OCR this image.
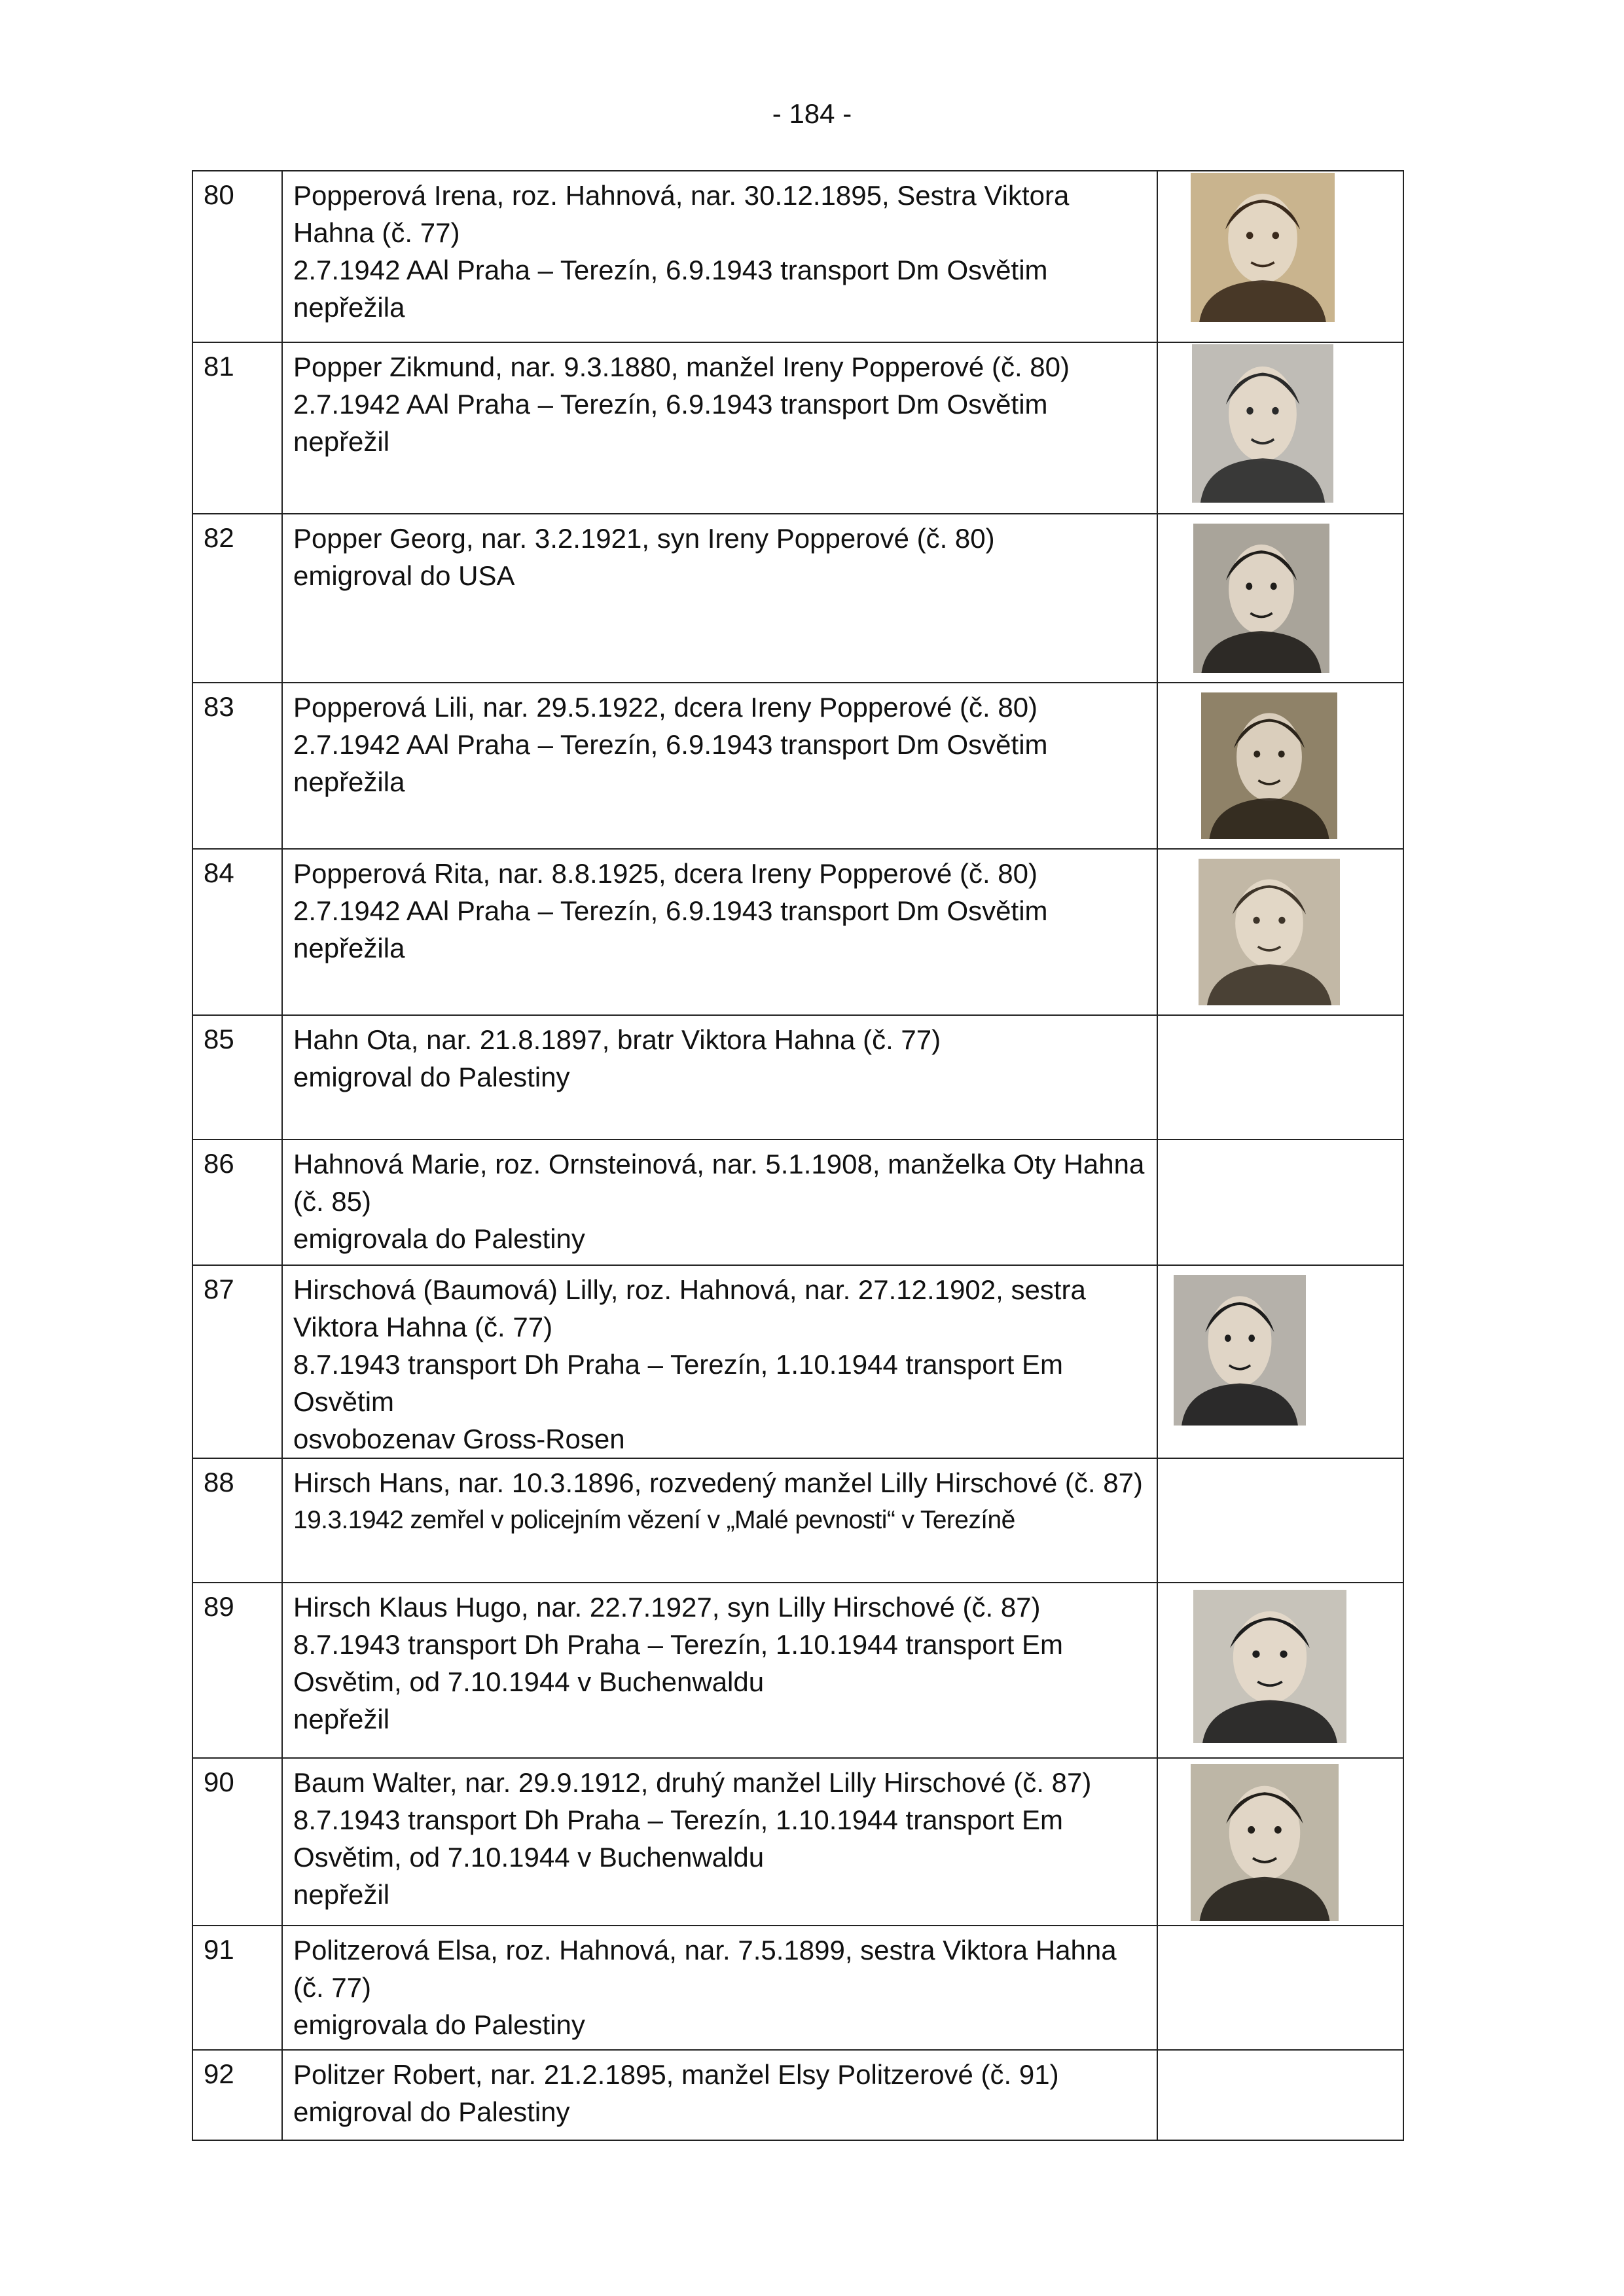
- 184 -
80	Popperová Irena, roz. Hahnová, nar. 30.12.1895, Sestra Viktora
Hahna (č. 77)
2.7.1942 AAl Praha – Terezín, 6.9.1943 transport Dm Osvětim
nepřežila

81	Popper Zikmund, nar. 9.3.1880, manžel Ireny Popperové (č. 80)
2.7.1942 AAl Praha – Terezín, 6.9.1943 transport Dm Osvětim
nepřežil

82	Popper Georg, nar. 3.2.1921, syn Ireny Popperové (č. 80)
emigroval do USA

83	Popperová Lili, nar. 29.5.1922, dcera Ireny Popperové (č. 80)
2.7.1942 AAl Praha – Terezín, 6.9.1943 transport Dm Osvětim
nepřežila

84	Popperová Rita, nar. 8.8.1925, dcera Ireny Popperové (č. 80)
2.7.1942 AAl Praha – Terezín, 6.9.1943 transport Dm Osvětim
nepřežila

85	Hahn Ota, nar. 21.8.1897, bratr Viktora Hahna (č. 77)
emigroval do Palestiny	

86	Hahnová Marie, roz. Ornsteinová, nar. 5.1.1908, manželka Oty Hahna
(č. 85)
emigrovala do Palestiny	

87	Hirschová (Baumová) Lilly, roz. Hahnová, nar. 27.12.1902, sestra
Viktora Hahna (č. 77)
8.7.1943 transport Dh Praha – Terezín, 1.10.1944 transport Em
Osvětim
osvobozenav Gross-Rosen

88	Hirsch Hans, nar. 10.3.1896, rozvedený manžel Lilly Hirschové (č. 87)
19.3.1942 zemřel v policejním vězení v „Malé pevnosti“ v Terezíně	

89	Hirsch Klaus Hugo, nar. 22.7.1927, syn Lilly Hirschové (č. 87)
8.7.1943 transport Dh Praha – Terezín, 1.10.1944 transport Em
Osvětim, od 7.10.1944 v Buchenwaldu
nepřežil

90	Baum Walter, nar. 29.9.1912, druhý manžel Lilly Hirschové (č. 87)
8.7.1943 transport Dh Praha – Terezín, 1.10.1944 transport Em
Osvětim, od 7.10.1944 v Buchenwaldu
nepřežil

91	Politzerová Elsa, roz. Hahnová, nar. 7.5.1899, sestra Viktora Hahna
(č. 77)
emigrovala do Palestiny	

92	Politzer Robert, nar. 21.2.1895, manžel Elsy Politzerové (č. 91)
emigroval do Palestiny	
